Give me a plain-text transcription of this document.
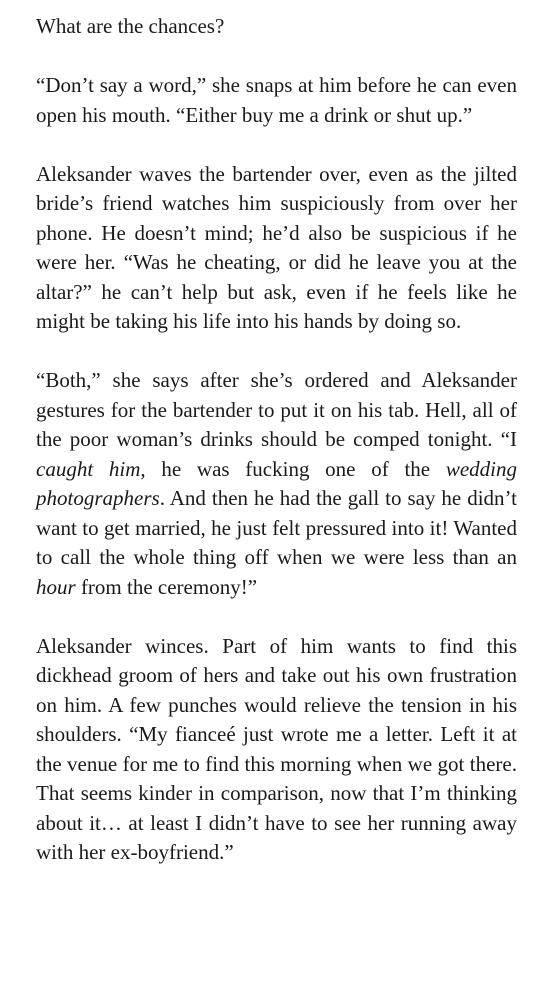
What are the chances?

“Don’t say a word,” she snaps at him before he can even open his mouth. “Either buy me a drink or shut up.”

Aleksander waves the bartender over, even as the jilted bride’s friend watches him suspiciously from over her phone. He doesn’t mind; he’d also be suspicious if he were her. “Was he cheating, or did he leave you at the altar?” he can’t help but ask, even if he feels like he might be taking his life into his hands by doing so.

“Both,” she says after she’s ordered and Aleksander gestures for the bartender to put it on his tab. Hell, all of the poor woman’s drinks should be comped tonight. “I caught him, he was fucking one of the wedding photographers. And then he had the gall to say he didn’t want to get married, he just felt pressured into it! Wanted to call the whole thing off when we were less than an hour from the ceremony!”

Aleksander winces. Part of him wants to find this dickhead groom of hers and take out his own frustration on him. A few punches would relieve the tension in his shoulders. “My fianceé just wrote me a letter. Left it at the venue for me to find this morning when we got there. That seems kinder in comparison, now that I’m thinking about it… at least I didn’t have to see her running away with her ex-boyfriend.”
